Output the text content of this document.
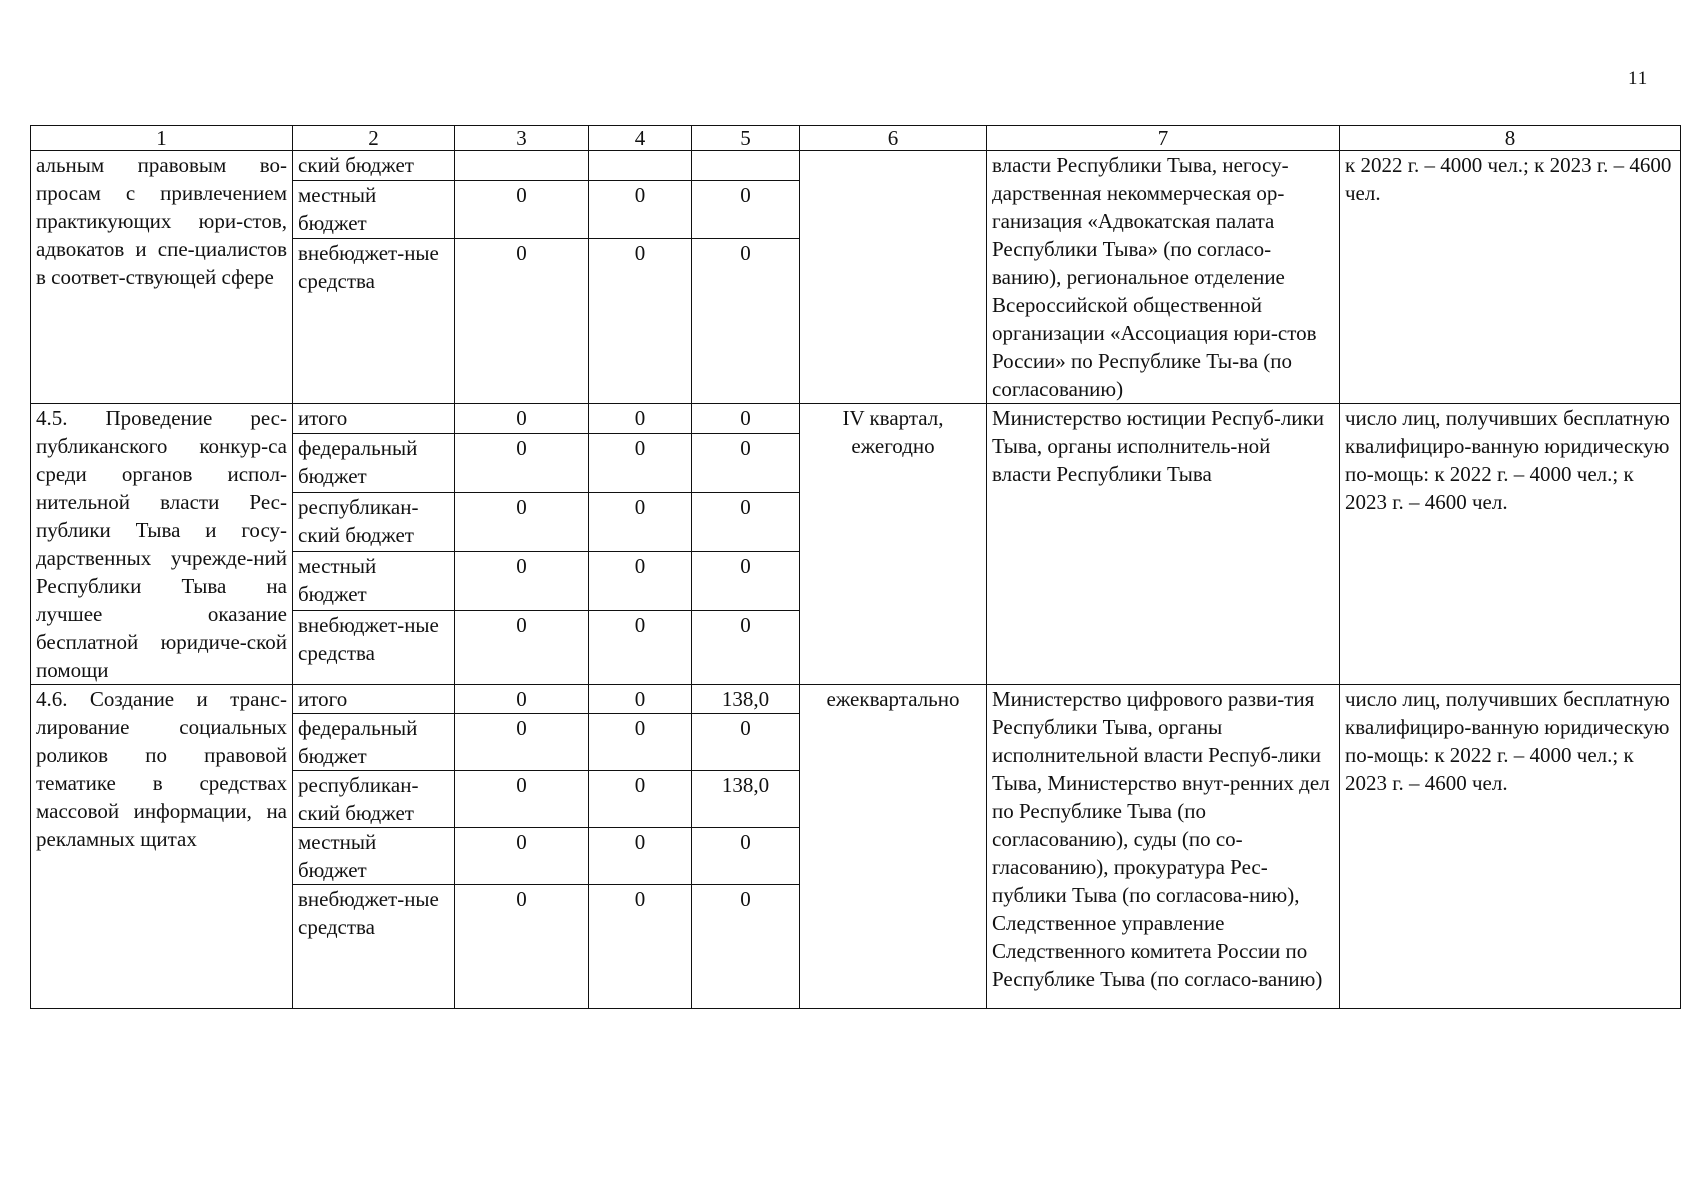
11
1	2	3	4	5	6	7	8
альным правовым во-просам с привлечением практикующих юри-стов, адвокатов и спе-циалистов в соответ-ствующей сфере	ский бюджет					власти Республики Тыва, негосу-дарственная некоммерческая ор-ганизация «Адвокатская палата Республики Тыва» (по согласо-ванию), региональное отделение Всероссийской общественной организации «Ассоциация юри-стов России» по Республике Ты-ва (по согласованию)	к 2022 г. – 4000 чел.; к 2023 г. – 4600 чел.
	местный бюджет	0	0	0			
	внебюджет-ные средства	0	0	0			
4.5. Проведение рес-публиканского конкур-са среди органов испол-нительной власти Рес-публики Тыва и госу-дарственных учрежде-ний Республики Тыва на лучшее оказание бесплатной юридиче-ской помощи	итого	0	0	0	IV квартал, ежегодно	Министерство юстиции Респуб-лики Тыва, органы исполнитель-ной власти Республики Тыва	число лиц, получивших бесплатную квалифициро-ванную юридическую по-мощь: к 2022 г. – 4000 чел.; к 2023 г. – 4600 чел.
	федеральный бюджет	0	0	0			
	республикан-ский бюджет	0	0	0			
	местный бюджет	0	0	0			
	внебюджет-ные средства	0	0	0			
4.6. Создание и транс-лирование социальных роликов по правовой тематике в средствах массовой информации, на рекламных щитах	итого	0	0	138,0	ежеквартально	Министерство цифрового разви-тия Республики Тыва, органы исполнительной власти Респуб-лики Тыва, Министерство внут-ренних дел по Республике Тыва (по согласованию), суды (по со-гласованию), прокуратура Рес-публики Тыва (по согласова-нию), Следственное управление Следственного комитета России по Республике Тыва (по согласо-ванию)	число лиц, получивших бесплатную квалифициро-ванную юридическую по-мощь: к 2022 г. – 4000 чел.; к 2023 г. – 4600 чел.
	федеральный бюджет	0	0	0			
	республикан-ский бюджет	0	0	138,0			
	местный бюджет	0	0	0			
	внебюджет-ные средства	0	0	0			
